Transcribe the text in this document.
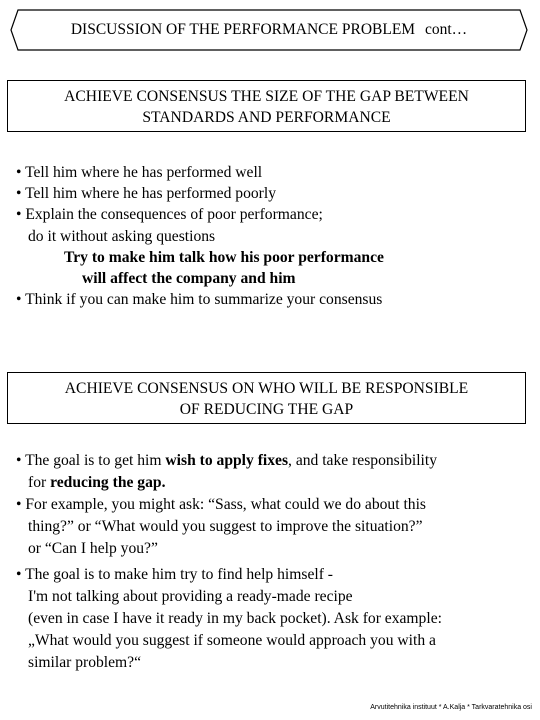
DISCUSSION OF THE PERFORMANCE PROBLEM cont…
ACHIEVE CONSENSUS THE SIZE OF THE GAP BETWEEN
STANDARDS AND PERFORMANCE
• Tell him where he has performed well
• Tell him where he has performed poorly
• Explain the consequences of poor performance;
do it without asking questions
Try to make him talk how his poor performance
will affect the company and him
• Think if you can make him to summarize your consensus
ACHIEVE CONSENSUS ON WHO WILL BE RESPONSIBLE
OF REDUCING THE GAP
• The goal is to get him wish to apply fixes, and take responsibility
for reducing the gap.
• For example, you might ask: “Sass, what could we do about this
thing?” or “What would you suggest to improve the situation?”
or “Can I help you?”
• The goal is to make him try to find help himself -
I'm not talking about providing a ready-made recipe
(even in case I have it ready in my back pocket). Ask for example:
„What would you suggest if someone would approach you with a
similar problem?“
Arvutitehnika instituut * A.Kalja * Tarkvaratehnika osi
